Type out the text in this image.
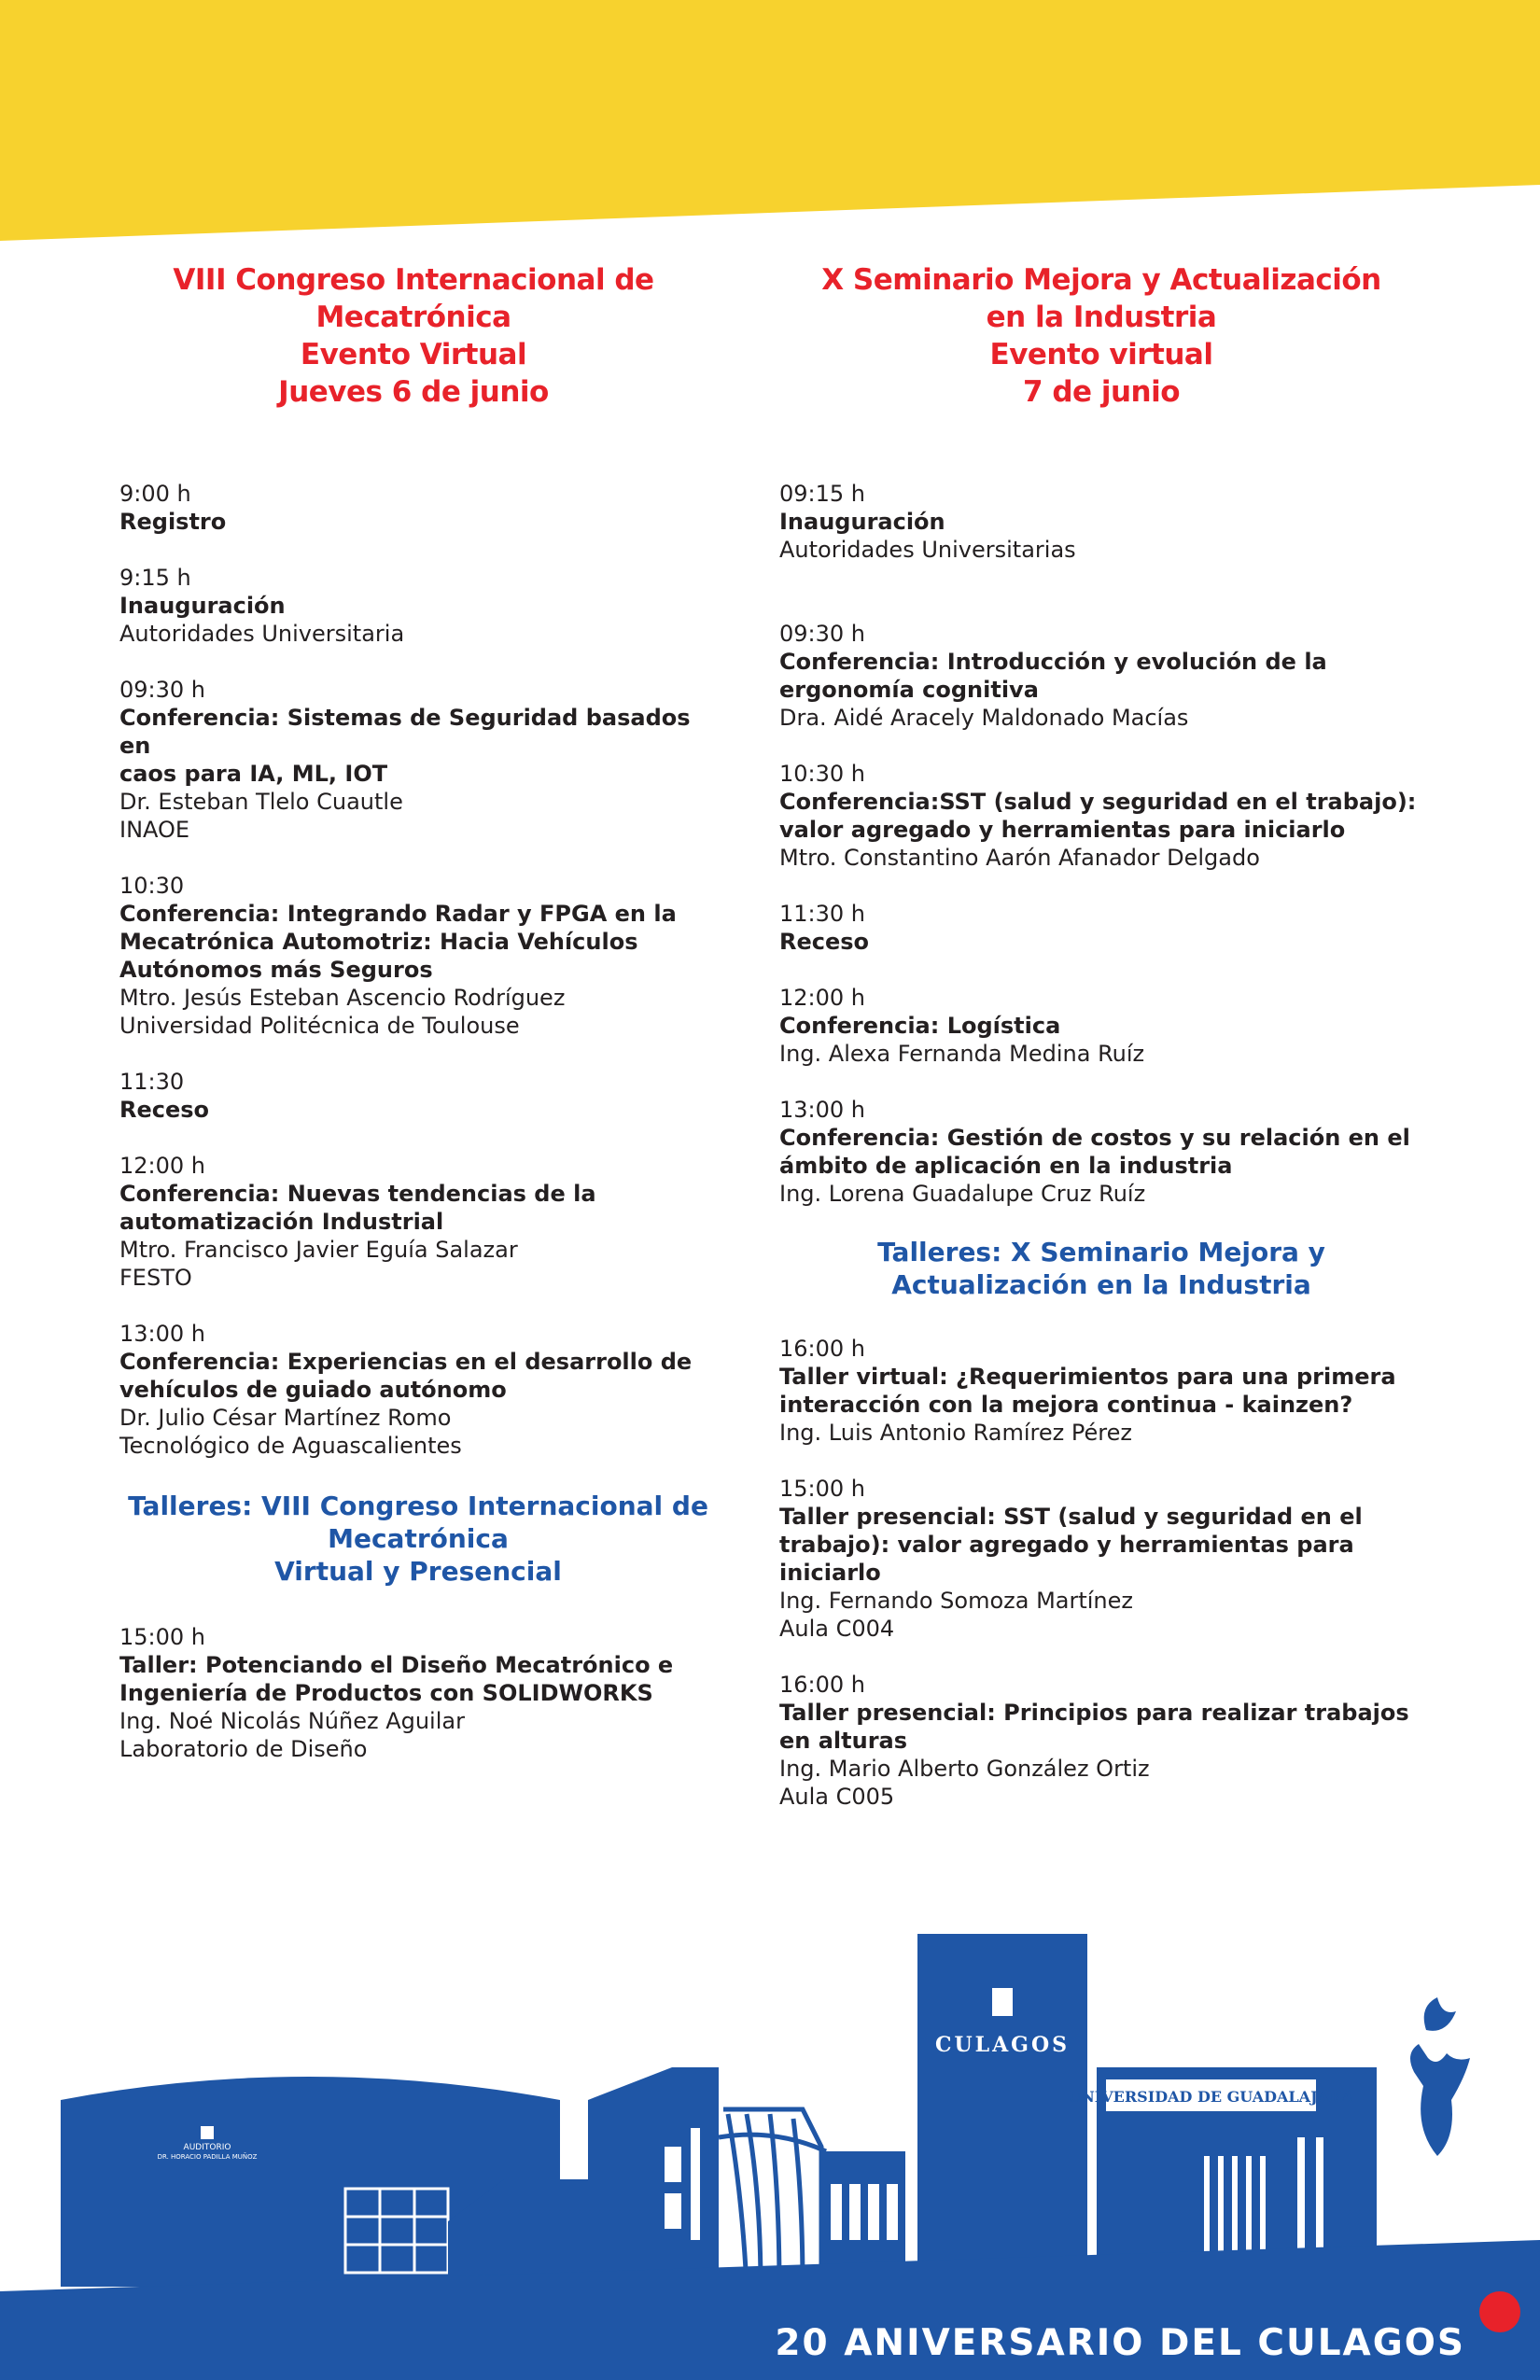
VIII Congreso Internacional de
Mecatrónica
Evento Virtual
Jueves 6 de junio
9:00 h
Registro
9:15 h
Inauguración
Autoridades Universitaria
09:30 h
Conferencia: Sistemas de Seguridad basados en
caos para IA, ML, IOT
Dr. Esteban Tlelo Cuautle
INAOE
10:30
Conferencia: Integrando Radar y FPGA en la
Mecatrónica Automotriz: Hacia Vehículos
Autónomos más Seguros
Mtro. Jesús Esteban Ascencio Rodríguez
Universidad Politécnica de Toulouse
11:30
Receso
12:00 h
Conferencia: Nuevas tendencias de la
automatización Industrial
Mtro. Francisco Javier Eguía Salazar
FESTO
13:00 h
Conferencia: Experiencias en el desarrollo de
vehículos de guiado autónomo
Dr. Julio César Martínez Romo
Tecnológico de Aguascalientes
Talleres: VIII Congreso Internacional de
Mecatrónica
Virtual y Presencial
15:00 h
Taller: Potenciando el Diseño Mecatrónico e
Ingeniería de Productos con SOLIDWORKS
Ing. Noé Nicolás Núñez Aguilar
Laboratorio de Diseño
X Seminario Mejora y Actualización
en la Industria
Evento virtual
7 de junio
09:15 h
Inauguración
Autoridades Universitarias
09:30 h
Conferencia: Introducción y evolución de la
ergonomía cognitiva
Dra. Aidé Aracely Maldonado Macías
10:30 h
Conferencia:SST (salud y seguridad en el trabajo):
valor agregado y herramientas para iniciarlo
Mtro. Constantino Aarón Afanador Delgado
11:30 h
Receso
12:00 h
Conferencia: Logística
Ing. Alexa Fernanda Medina Ruíz
13:00 h
Conferencia: Gestión de costos y su relación en el
ámbito de aplicación en la industria
Ing. Lorena Guadalupe Cruz Ruíz
Talleres: X Seminario Mejora y
Actualización en la Industria
16:00 h
Taller virtual: ¿Requerimientos para una primera
interacción con la mejora continua - kainzen?
Ing. Luis Antonio Ramírez Pérez
15:00 h
Taller presencial: SST (salud y seguridad en el
trabajo): valor agregado y herramientas para
iniciarlo
Ing. Fernando Somoza Martínez
Aula C004
16:00 h
Taller presencial: Principios para realizar trabajos
en alturas
Ing. Mario Alberto González Ortiz
Aula C005
AUDITORIO
DR. HORACIO PADILLA MUÑOZ
CULAGOS
UNIVERSIDAD DE GUADALAJARA
20 ANIVERSARIO DEL CULAGOS
